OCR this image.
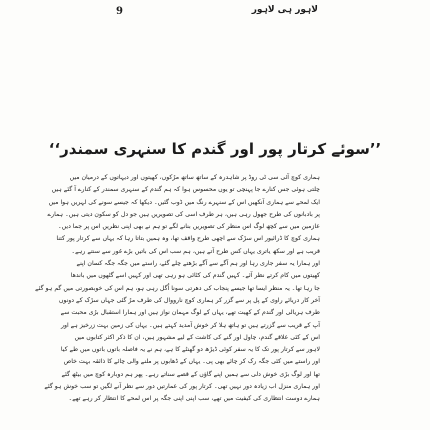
9	لاہور ہی لاہور
’’سوئے کرتار پور اور گندم کا سنہری سمندر‘‘
ہماری کوچ آئی سی ٹی روڈ پر شاہدرہ کے ساتھ ساتھ مڑکوں، کھیتوں اور دیہاتوں کے درمیان میں
چلتی ہوئی جس کنارے جا پہنچی تو یوں محسوس ہوا کہ ہم گندم کے سنہری سمندر کے کنارے آ گئے ہیں
ایک لمحے سے ہماری آنکھیں اس کے سنہرے رنگ میں ڈوب گئیں۔ دیکھا کہ جیسے سونے کی لہریں ہوا میں
پر بادبانوں کی طرح جھول رہی ہیں، ہر طرف اسی کی تصویریں ہیں جو دل کو سکون دیتی ہیں۔ ہمارے
عازمین میں سے کچھ لوگ اس منظر کی تصویریں بنانے لگے تو ہم نے بھی اپنی نظریں اس پر جما دیں۔
ہماری کوچ کا ڈرائیور اس سڑک سے اچھی طرح واقف تھا، وہ ہمیں بتاتا رہا کہ یہاں سے کرتار پور کتنا
قریب ہے اور سکھ یاتری یہاں کس طرح آتے ہیں، ہم سب اس کی باتیں بڑے غور سے سنتے رہے۔
اور ہمارا یہ سفر جاری رہا اور ہم آگے سے آگے بڑھتے چلے گئے، راستے میں جگہ جگہ کسان اپنے
کھیتوں میں کام کرتے نظر آئے۔ کہیں گندم کی کٹائی ہو رہی تھی اور کہیں اسے گٹھوں میں باندھا
جا رہا تھا۔ یہ منظر ایسا تھا جیسے پنجاب کی دھرتی سونا اُگل رہی ہو، ہم اس کی خوبصورتی میں گم ہو گئے
آخر کار دریائے راوی کے پل پر سے گزر کر ہماری کوچ نارووال کی طرف مڑ گئی جہاں سڑک کے دونوں
طرف ہریالی اور گندم کے کھیت تھے، یہاں کے لوگ مہمان نواز ہیں اور ہمارا استقبال بڑی محبت سے
آپ کے قریب سے گزرتے ہیں تو ہاتھ ہلا کر خوش آمدید کہتے ہیں۔ یہاں کی زمین بہت زرخیز ہے اور
اس کے کئی علاقے گندم، چاول اور گنے کی کاشت کے لیے مشہور ہیں، ان کا ذکر اکثر کتابوں میں
لاہور سے کرتار پور تک کا یہ سفر کوئی ڈیڑھ دو گھنٹے کا ہے، ہم نے یہ فاصلہ باتوں باتوں میں طے کیا
اور راستے میں کئی جگہ رک کر چائے بھی پی۔ یہاں کے ڈھابوں پر ملنے والی چائے کا ذائقہ بہت خاص
تھا اور لوگ بڑی خوش دلی سے ہمیں اپنے گاؤں کے قصے سناتے رہے۔ پھر ہم دوبارہ کوچ میں بیٹھ گئے
اور ہماری منزل اب زیادہ دور نہیں تھی۔ کرتار پور کی عمارتیں دور سے نظر آنے لگیں تو سب خوش ہو گئے
ہمارے دوست انتظاری کی کیفیت میں تھے، سب اپنی اپنی جگہ پر اس لمحے کا انتظار کر رہے تھے۔
